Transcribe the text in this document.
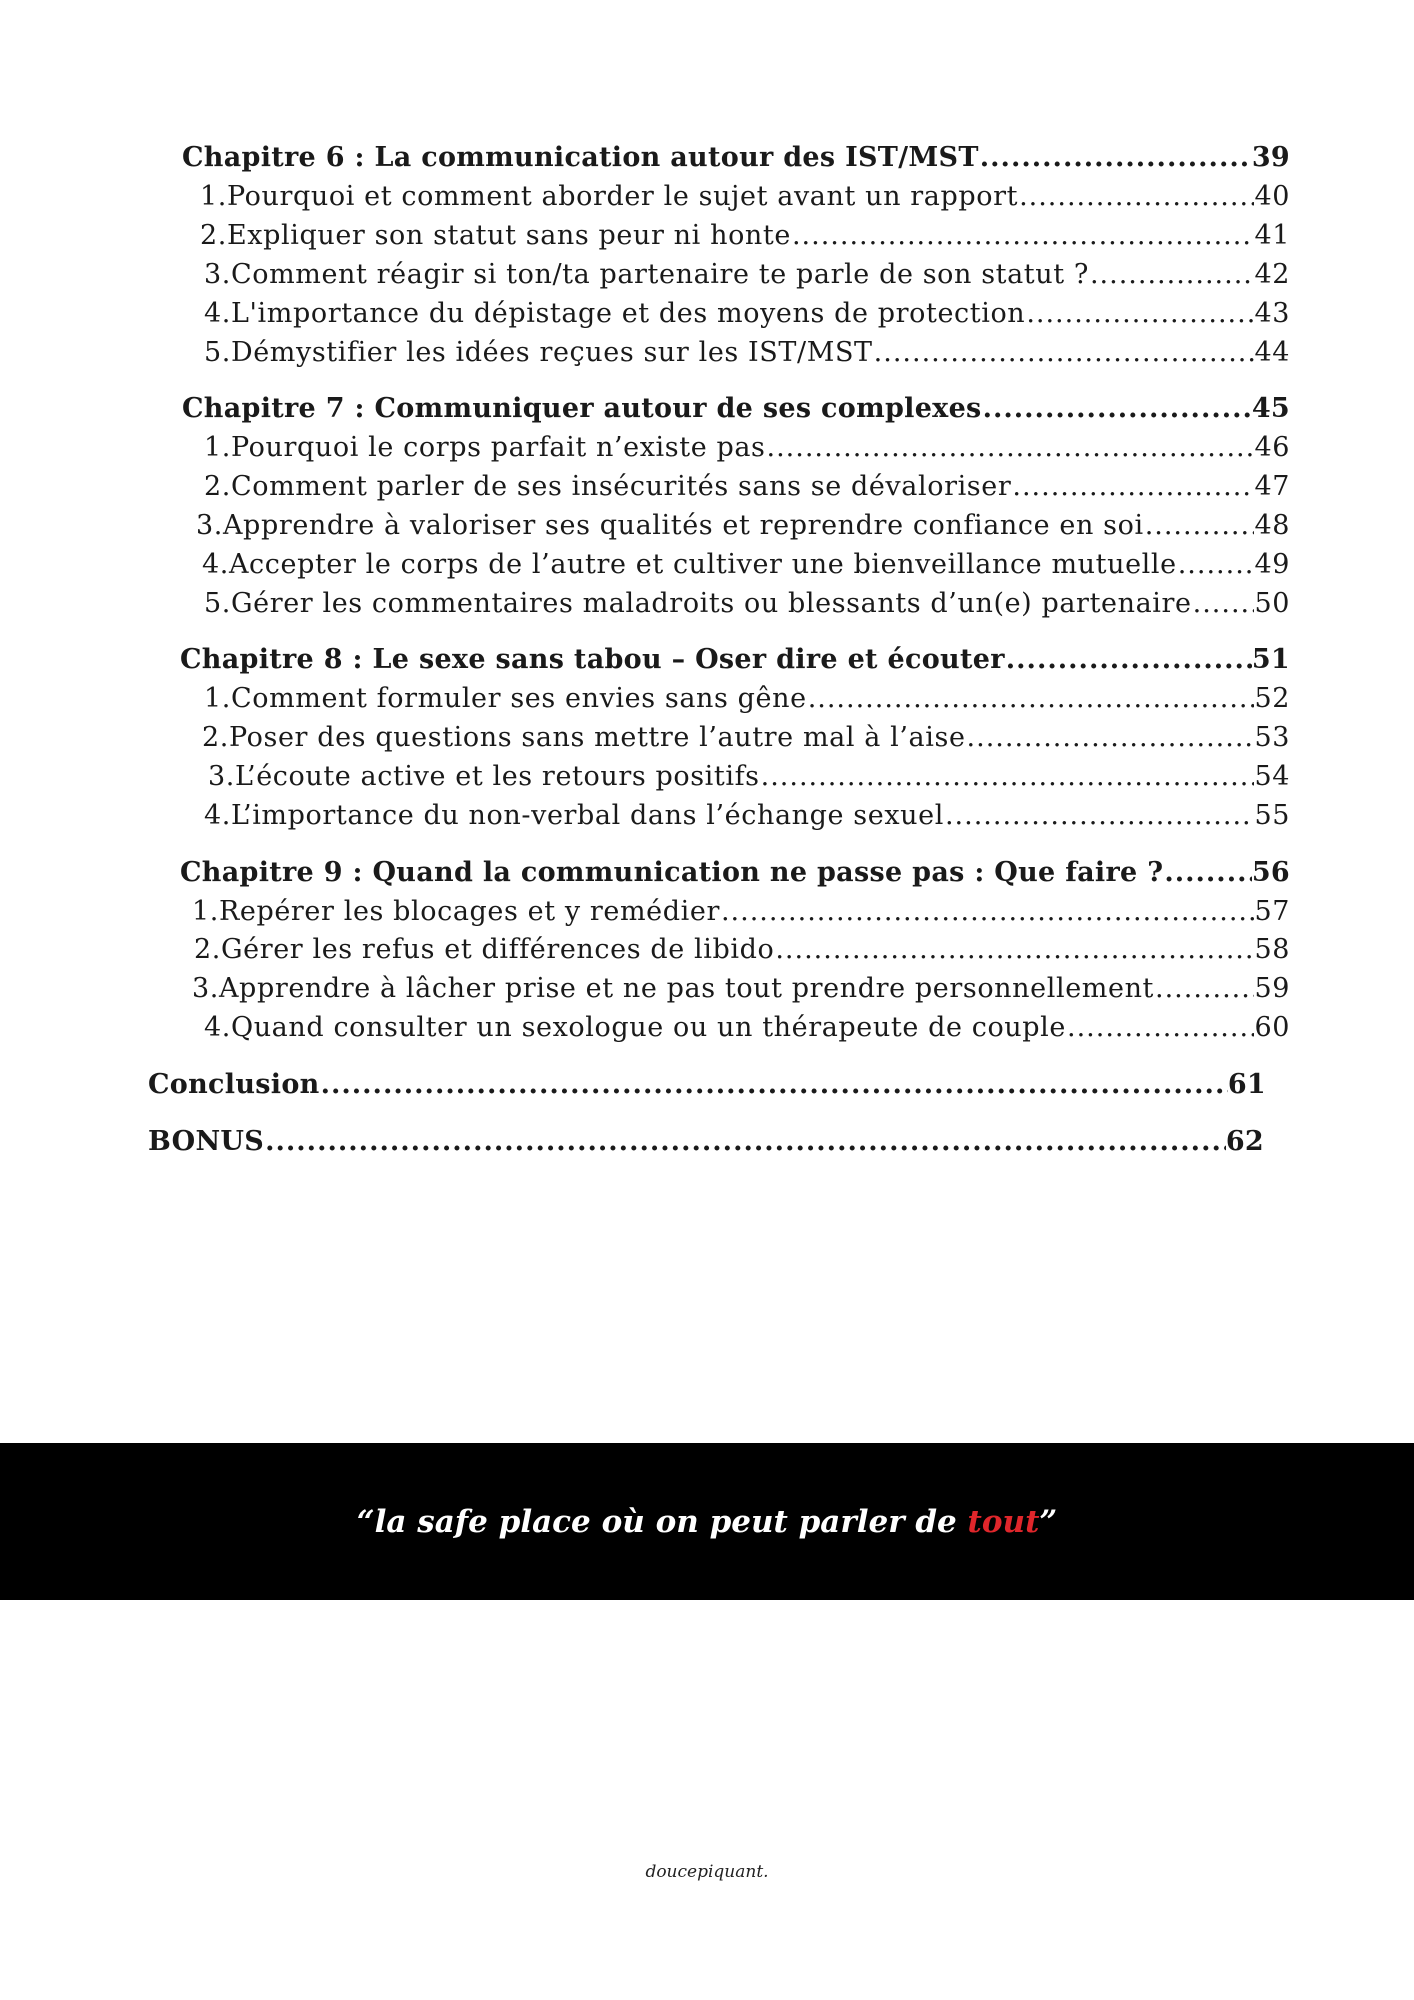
Chapitre 6 : La communication autour des IST/MST .....	39
1.Pourquoi et comment aborder le sujet avant un rapport .....	40
2.Expliquer son statut sans peur ni honte .....	41
3.Comment réagir si ton/ta partenaire te parle de son statut ? .....	42
4.L'importance du dépistage et des moyens de protection .....	43
5.Démystifier les idées reçues sur les IST/MST .....	44
Chapitre 7 : Communiquer autour de ses complexes .....	45
1.Pourquoi le corps parfait n’existe pas .....	46
2.Comment parler de ses insécurités sans se dévaloriser .....	47
3.Apprendre à valoriser ses qualités et reprendre confiance en soi .....	48
4.Accepter le corps de l’autre et cultiver une bienveillance mutuelle .....	49
5.Gérer les commentaires maladroits ou blessants d’un(e) partenaire ..... 50
Chapitre 8 : Le sexe sans tabou – Oser dire et écouter .....	51
1.Comment formuler ses envies sans gêne .....	52
2.Poser des questions sans mettre l’autre mal à l’aise .....	53
3.L’écoute active et les retours positifs .....	54
4.L’importance du non-verbal dans l’échange sexuel .....	55
Chapitre 9 : Quand la communication ne passe pas : Que faire ? .....	56
1.Repérer les blocages et y remédier .....	57
2.Gérer les refus et différences de libido .....	58
3.Apprendre à lâcher prise et ne pas tout prendre personnellement .....	59
4.Quand consulter un sexologue ou un thérapeute de couple .....	60
Conclusion .....	61
BONUS .....	62
“la safe place où on peut parler de tout”
doucepiquant.
